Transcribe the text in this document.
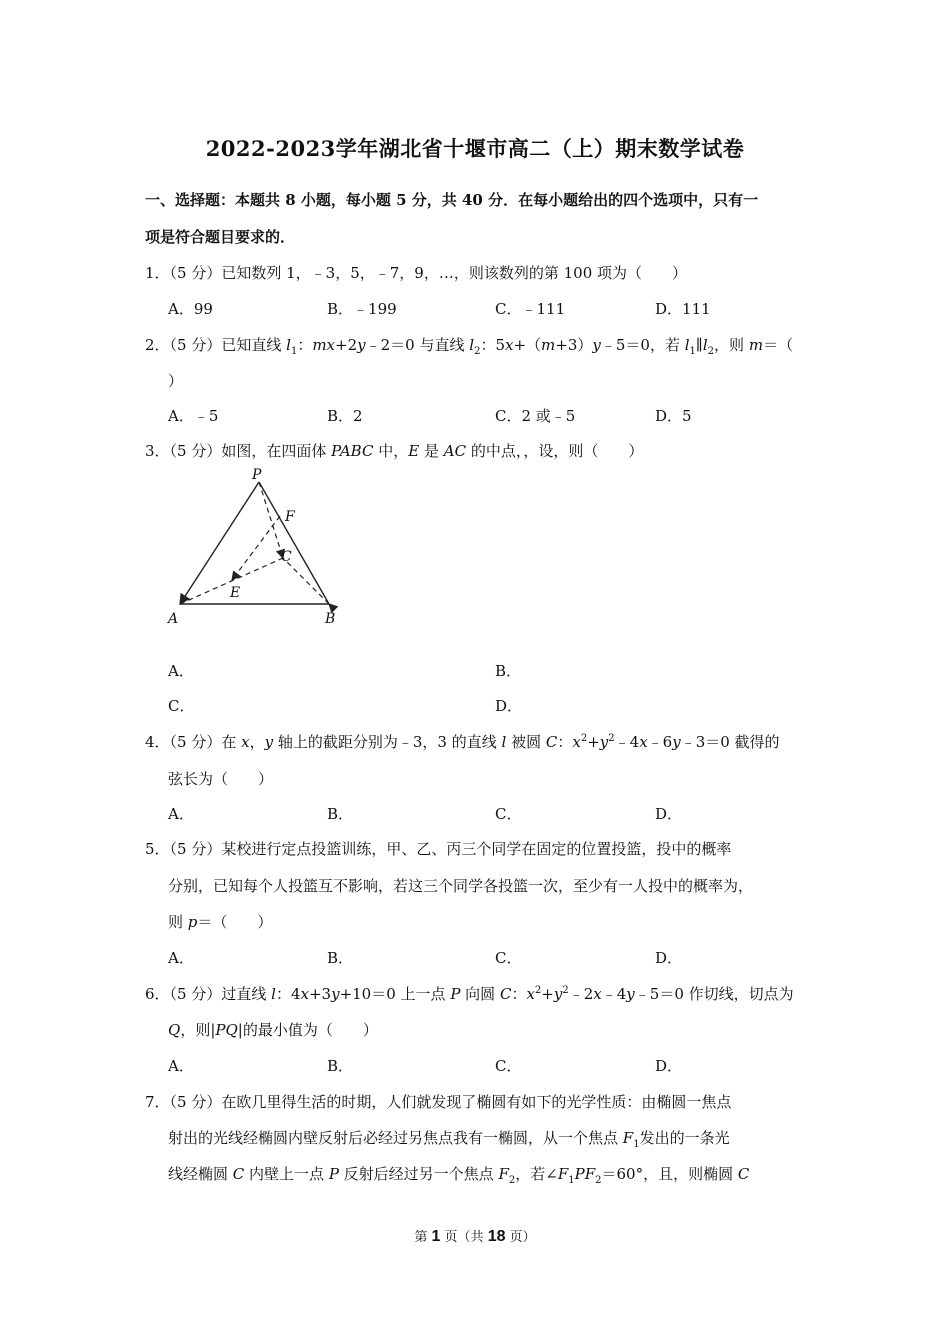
2022-2023学年湖北省十堰市高二（上）期末数学试卷
一、选择题：本题共 8 小题，每小题 5 分，共 40 分．在每小题给出的四个选项中，只有一
项是符合题目要求的．
1．（5 分）已知数列 1，﹣3，5，﹣7，9，…，则该数列的第 100 项为（　　）
A．99	B．﹣199	C．﹣111	D．111
2．（5 分）已知直线 $l_1$：mx+2y﹣2＝0 与直线 $l_2$：5x+（m+3）y﹣5＝0，若 $l_1\parallel l_2$，则 m＝（
）
A．﹣5	B．2	C．2 或﹣5	D．5
3．（5 分）如图，在四面体 PABC 中，E 是 AC 的中点，，设，则（　　）
P
F
C
E
A	B
A．	B．
C．	D．
4．（5 分）在 x，y 轴上的截距分别为﹣3，3 的直线 l 被圆 C：$x^2+y^2﹣4x﹣6y﹣3=0$ 截得的
弦长为（　　）
A．	B．	C．	D．
5．（5 分）某校进行定点投篮训练，甲、乙、丙三个同学在固定的位置投篮，投中的概率
分别，已知每个人投篮互不影响，若这三个同学各投篮一次，至少有一人投中的概率为，
则 p＝（　　）
A．	B．	C．	D．
6．（5 分）过直线 l：4x+3y+10＝0 上一点 P 向圆 C：$x^2+y^2﹣2x﹣4y﹣5=0$ 作切线，切点为
Q，则|PQ|的最小值为（　　）
A．	B．	C．	D．
7．（5 分）在欧几里得生活的时期，人们就发现了椭圆有如下的光学性质：由椭圆一焦点
射出的光线经椭圆内壁反射后必经过另焦点我有一椭圆，从一个焦点 $F_1$发出的一条光
线经椭圆 C 内壁上一点 P 反射后经过另一个焦点 $F_2$，若$\angle F_1PF_2=60^\circ$，且，则椭圆 C
第 1 页（共 18 页）
